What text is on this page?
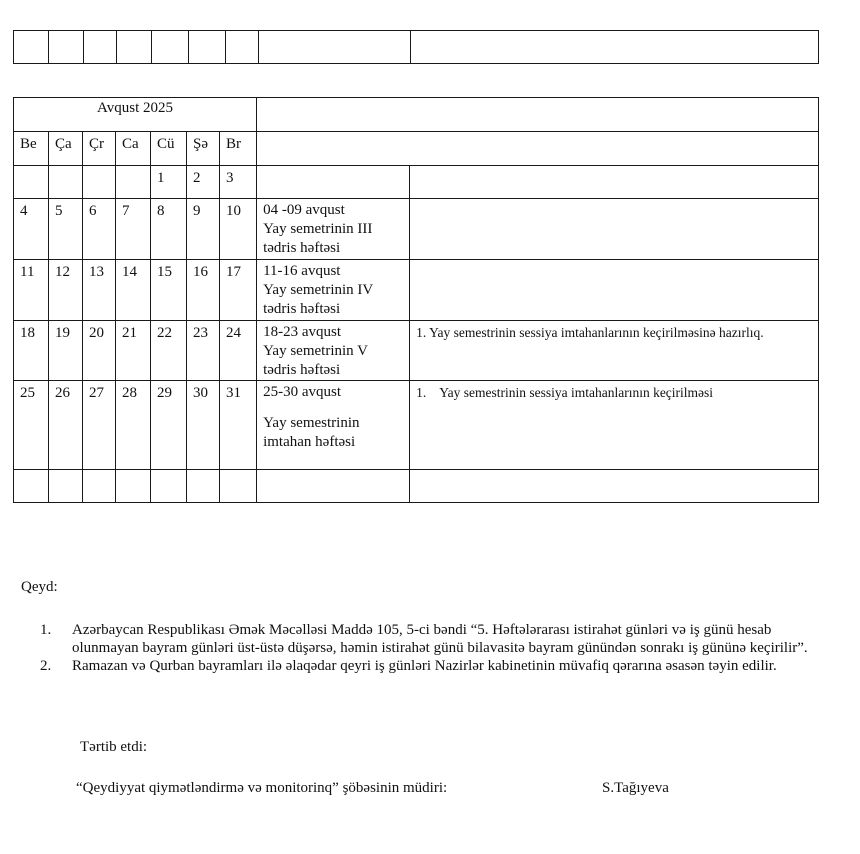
Avqust 2025								
Be	Ça	Çr	Ca	Cü	Şə	Br		
				1	2	3		
4	5	6	7	8	9	10	04 -09 avqust
Yay semetrinin III
tədris həftəsi	

11	12	13	14	15	16	17	11-16 avqust
Yay semetrinin IV
tədris həftəsi	

18	19	20	21	22	23	24	18-23 avqust
Yay semetrinin V
tədris həftəsi	1. Yay semestrinin sessiya imtahanlarının keçirilməsinə hazırlıq.
25	26	27	28	29	30	31	25-30 avqust
Yay semestrinin
imtahan həftəsi	1.    Yay semestrinin sessiya imtahanlarının keçirilməsi

Qeyd:
1.	Azərbaycan Respublikası Əmək Məcəlləsi Maddə 105, 5-ci bəndi “5. Həftələrarası istirahət günləri və iş günü hesab olunmayan bayram günləri üst-üstə düşərsə, həmin istirahət günü bilavasitə bayram günündən sonrakı iş gününə keçirilir”.
2.	Ramazan və Qurban bayramları ilə əlaqədar qeyri iş günləri Nazirlər kabinetinin müvafiq qərarına əsasən təyin edilir.
Tərtib etdi:
“Qeydiyyat qiymətləndirmə və monitorinq” şöbəsinin müdiri:	S.Tağıyeva
